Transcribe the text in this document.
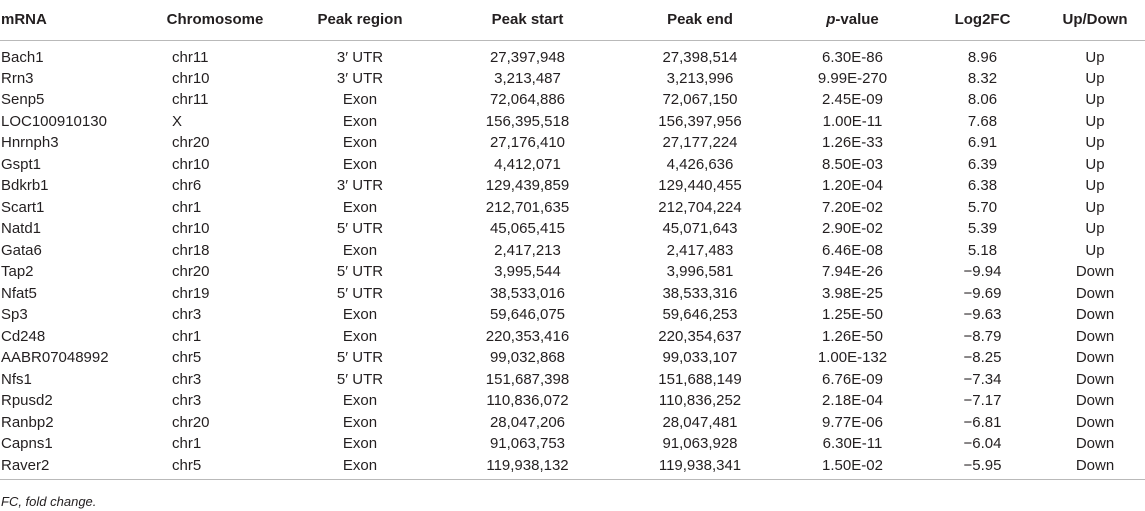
mRNA	Chromosome	Peak region	Peak start	Peak end	p-value	Log2FC	Up/Down
Bach1	chr11	3′ UTR	27,397,948	27,398,514	6.30E-86	8.96	Up
Rrn3	chr10	3′ UTR	3,213,487	3,213,996	9.99E-270	8.32	Up
Senp5	chr11	Exon	72,064,886	72,067,150	2.45E-09	8.06	Up
LOC100910130	X	Exon	156,395,518	156,397,956	1.00E-11	7.68	Up
Hnrnph3	chr20	Exon	27,176,410	27,177,224	1.26E-33	6.91	Up
Gspt1	chr10	Exon	4,412,071	4,426,636	8.50E-03	6.39	Up
Bdkrb1	chr6	3′ UTR	129,439,859	129,440,455	1.20E-04	6.38	Up
Scart1	chr1	Exon	212,701,635	212,704,224	7.20E-02	5.70	Up
Natd1	chr10	5′ UTR	45,065,415	45,071,643	2.90E-02	5.39	Up
Gata6	chr18	Exon	2,417,213	2,417,483	6.46E-08	5.18	Up
Tap2	chr20	5′ UTR	3,995,544	3,996,581	7.94E-26	−9.94	Down
Nfat5	chr19	5′ UTR	38,533,016	38,533,316	3.98E-25	−9.69	Down
Sp3	chr3	Exon	59,646,075	59,646,253	1.25E-50	−9.63	Down
Cd248	chr1	Exon	220,353,416	220,354,637	1.26E-50	−8.79	Down
AABR07048992	chr5	5′ UTR	99,032,868	99,033,107	1.00E-132	−8.25	Down
Nfs1	chr3	5′ UTR	151,687,398	151,688,149	6.76E-09	−7.34	Down
Rpusd2	chr3	Exon	110,836,072	110,836,252	2.18E-04	−7.17	Down
Ranbp2	chr20	Exon	28,047,206	28,047,481	9.77E-06	−6.81	Down
Capns1	chr1	Exon	91,063,753	91,063,928	6.30E-11	−6.04	Down
Raver2	chr5	Exon	119,938,132	119,938,341	1.50E-02	−5.95	Down
FC, fold change.
